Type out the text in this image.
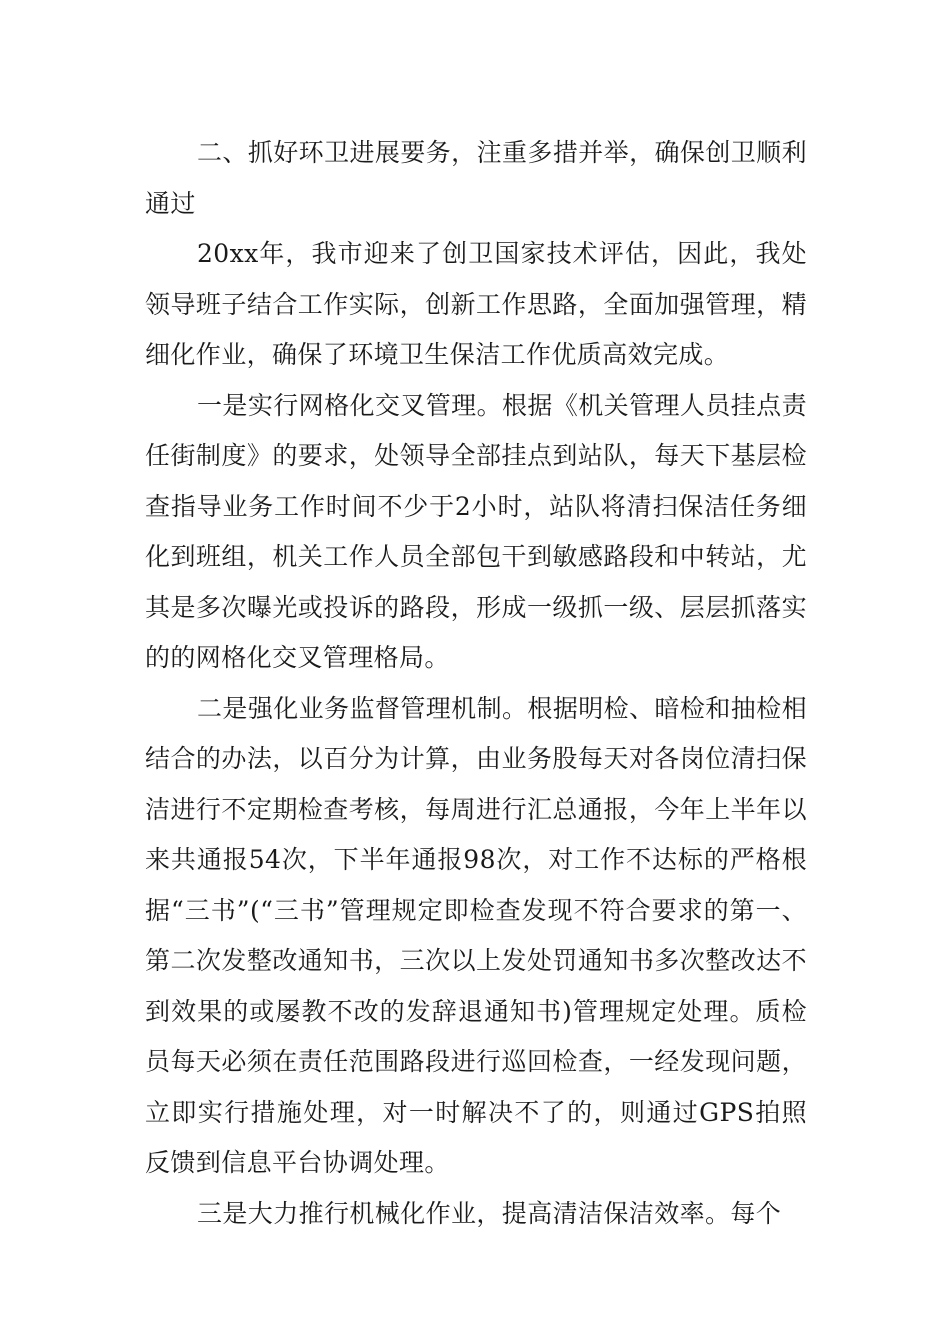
二、抓好环卫进展要务，注重多措并举，确保创卫顺利通过

20xx年，我市迎来了创卫国家技术评估，因此，我处领导班子结合工作实际，创新工作思路，全面加强管理，精细化作业，确保了环境卫生保洁工作优质高效完成。

一是实行网格化交叉管理。根据《机关管理人员挂点责任街制度》的要求，处领导全部挂点到站队，每天下基层检查指导业务工作时间不少于2小时，站队将清扫保洁任务细化到班组，机关工作人员全部包干到敏感路段和中转站，尤其是多次曝光或投诉的路段，形成一级抓一级、层层抓落实的的网格化交叉管理格局。

二是强化业务监督管理机制。根据明检、暗检和抽检相结合的办法，以百分为计算，由业务股每天对各岗位清扫保洁进行不定期检查考核，每周进行汇总通报，今年上半年以来共通报54次，下半年通报98次，对工作不达标的严格根据“三书”(“三书”管理规定即检查发现不符合要求的第一、第二次发整改通知书，三次以上发处罚通知书多次整改达不到效果的或屡教不改的发辞退通知书)管理规定处理。质检员每天必须在责任范围路段进行巡回检查，一经发现问题，立即实行措施处理，对一时解决不了的，则通过GPS拍照反馈到信息平台协调处理。

三是大力推行机械化作业，提高清洁保洁效率。每个
